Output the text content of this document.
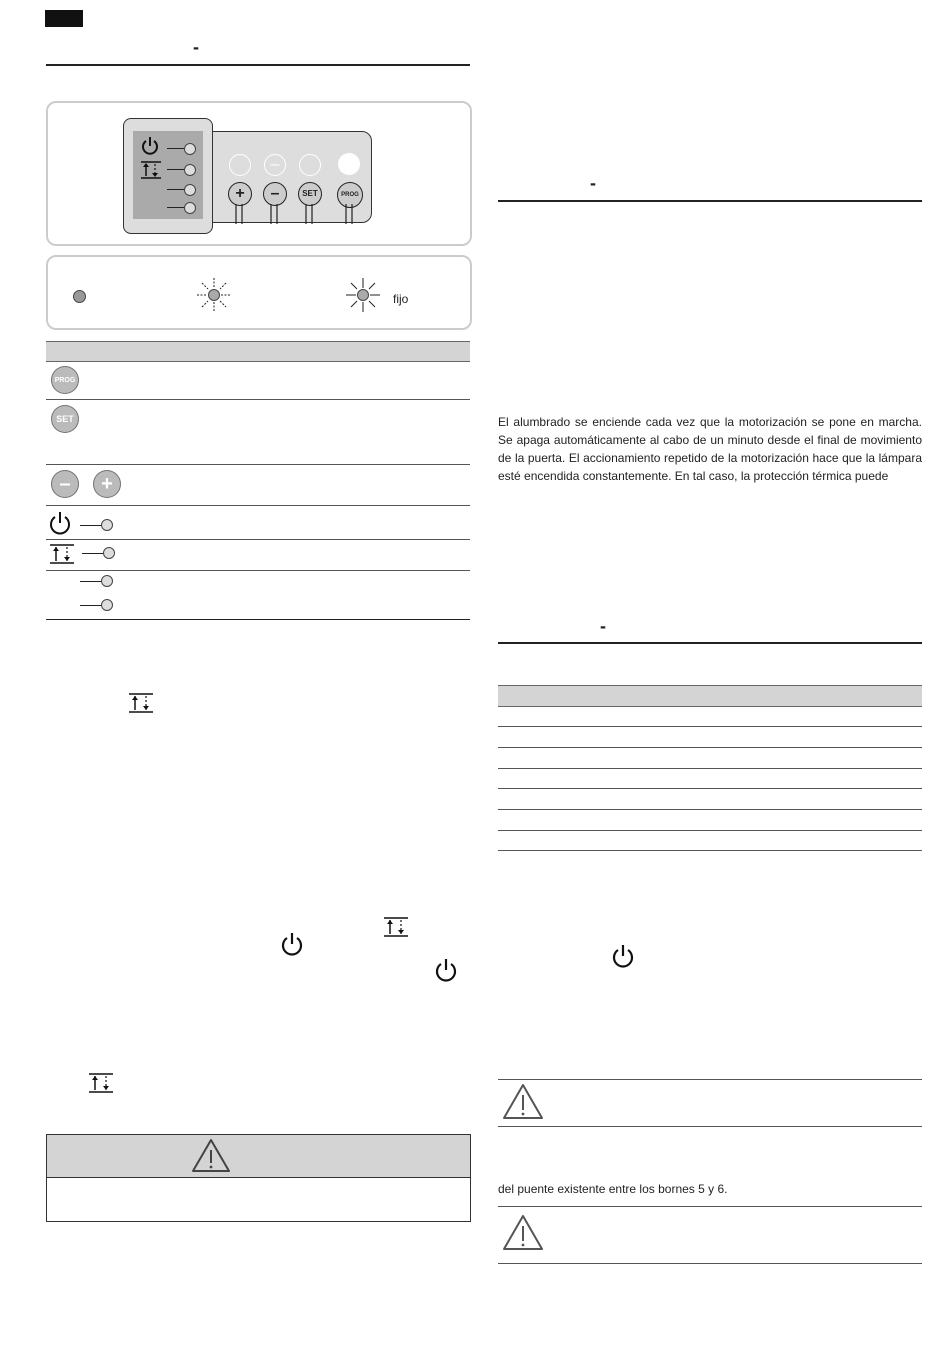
-
–
+	–	SET	PROG
fijo
PROG
SET
–	+
-
El alumbrado se enciende cada vez que la motorización se pone en marcha. Se apaga automáticamente al cabo de un minuto desde el final de movimiento de la puerta. El accionamiento repetido de la motorización hace que la lámpara esté encendida constantemente. En tal caso, la protección térmica puede
-
del puente existente entre los bornes 5 y 6.
